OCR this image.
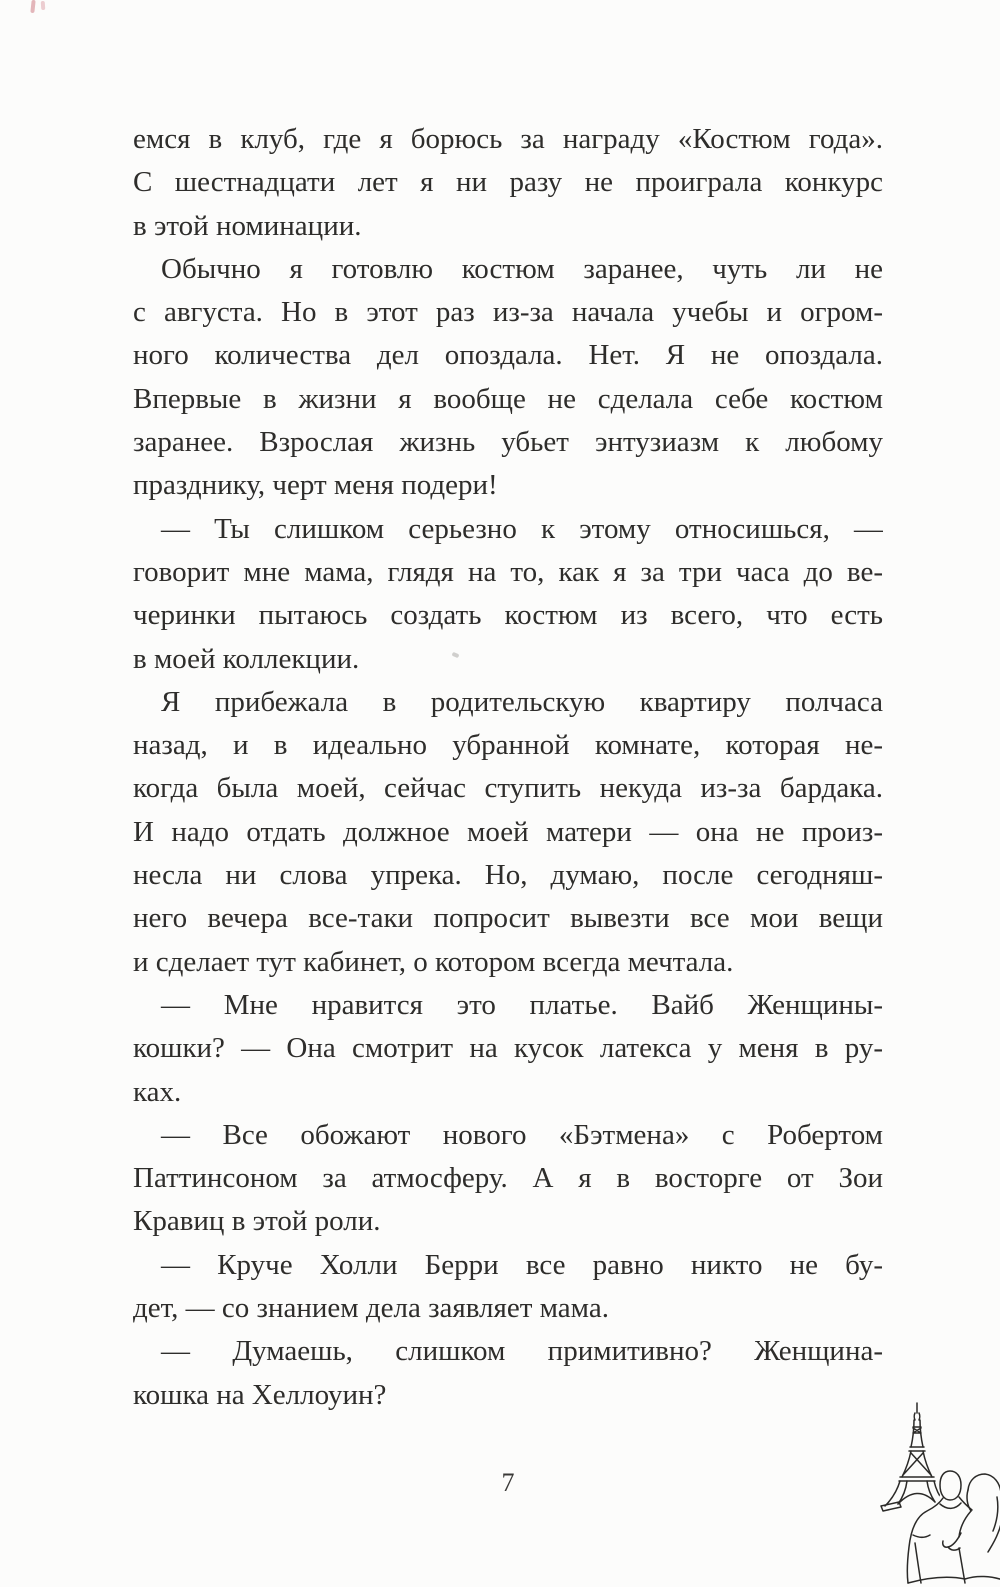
емся в клуб, где я борюсь за награду «Костюм года».
С шестнадцати лет я ни разу не проиграла конкурс
в этой номинации.

Обычно я готовлю костюм заранее, чуть ли не
с августа. Но в этот раз из-за начала учебы и огром-
ного количества дел опоздала. Нет. Я не опоздала.
Впервые в жизни я вообще не сделала себе костюм
заранее. Взрослая жизнь убьет энтузиазм к любому
празднику, черт меня подери!

— Ты слишком серьезно к этому относишься, —
говорит мне мама, глядя на то, как я за три часа до ве-
черинки пытаюсь создать костюм из всего, что есть
в моей коллекции.

Я прибежала в родительскую квартиру полчаса
назад, и в идеально убранной комнате, которая не-
когда была моей, сейчас ступить некуда из-за бардака.
И надо отдать должное моей матери — она не произ-
несла ни слова упрека. Но, думаю, после сегодняш-
него вечера все-таки попросит вывезти все мои вещи
и сделает тут кабинет, о котором всегда мечтала.

— Мне нравится это платье. Вайб Женщины-
кошки? — Она смотрит на кусок латекса у меня в ру-
ках.

— Все обожают нового «Бэтмена» с Робертом
Паттинсоном за атмосферу. А я в восторге от Зои
Кравиц в этой роли.

— Круче Холли Берри все равно никто не бу-
дет, — со знанием дела заявляет мама.

— Думаешь, слишком примитивно? Женщина-
кошка на Хеллоуин?

7
